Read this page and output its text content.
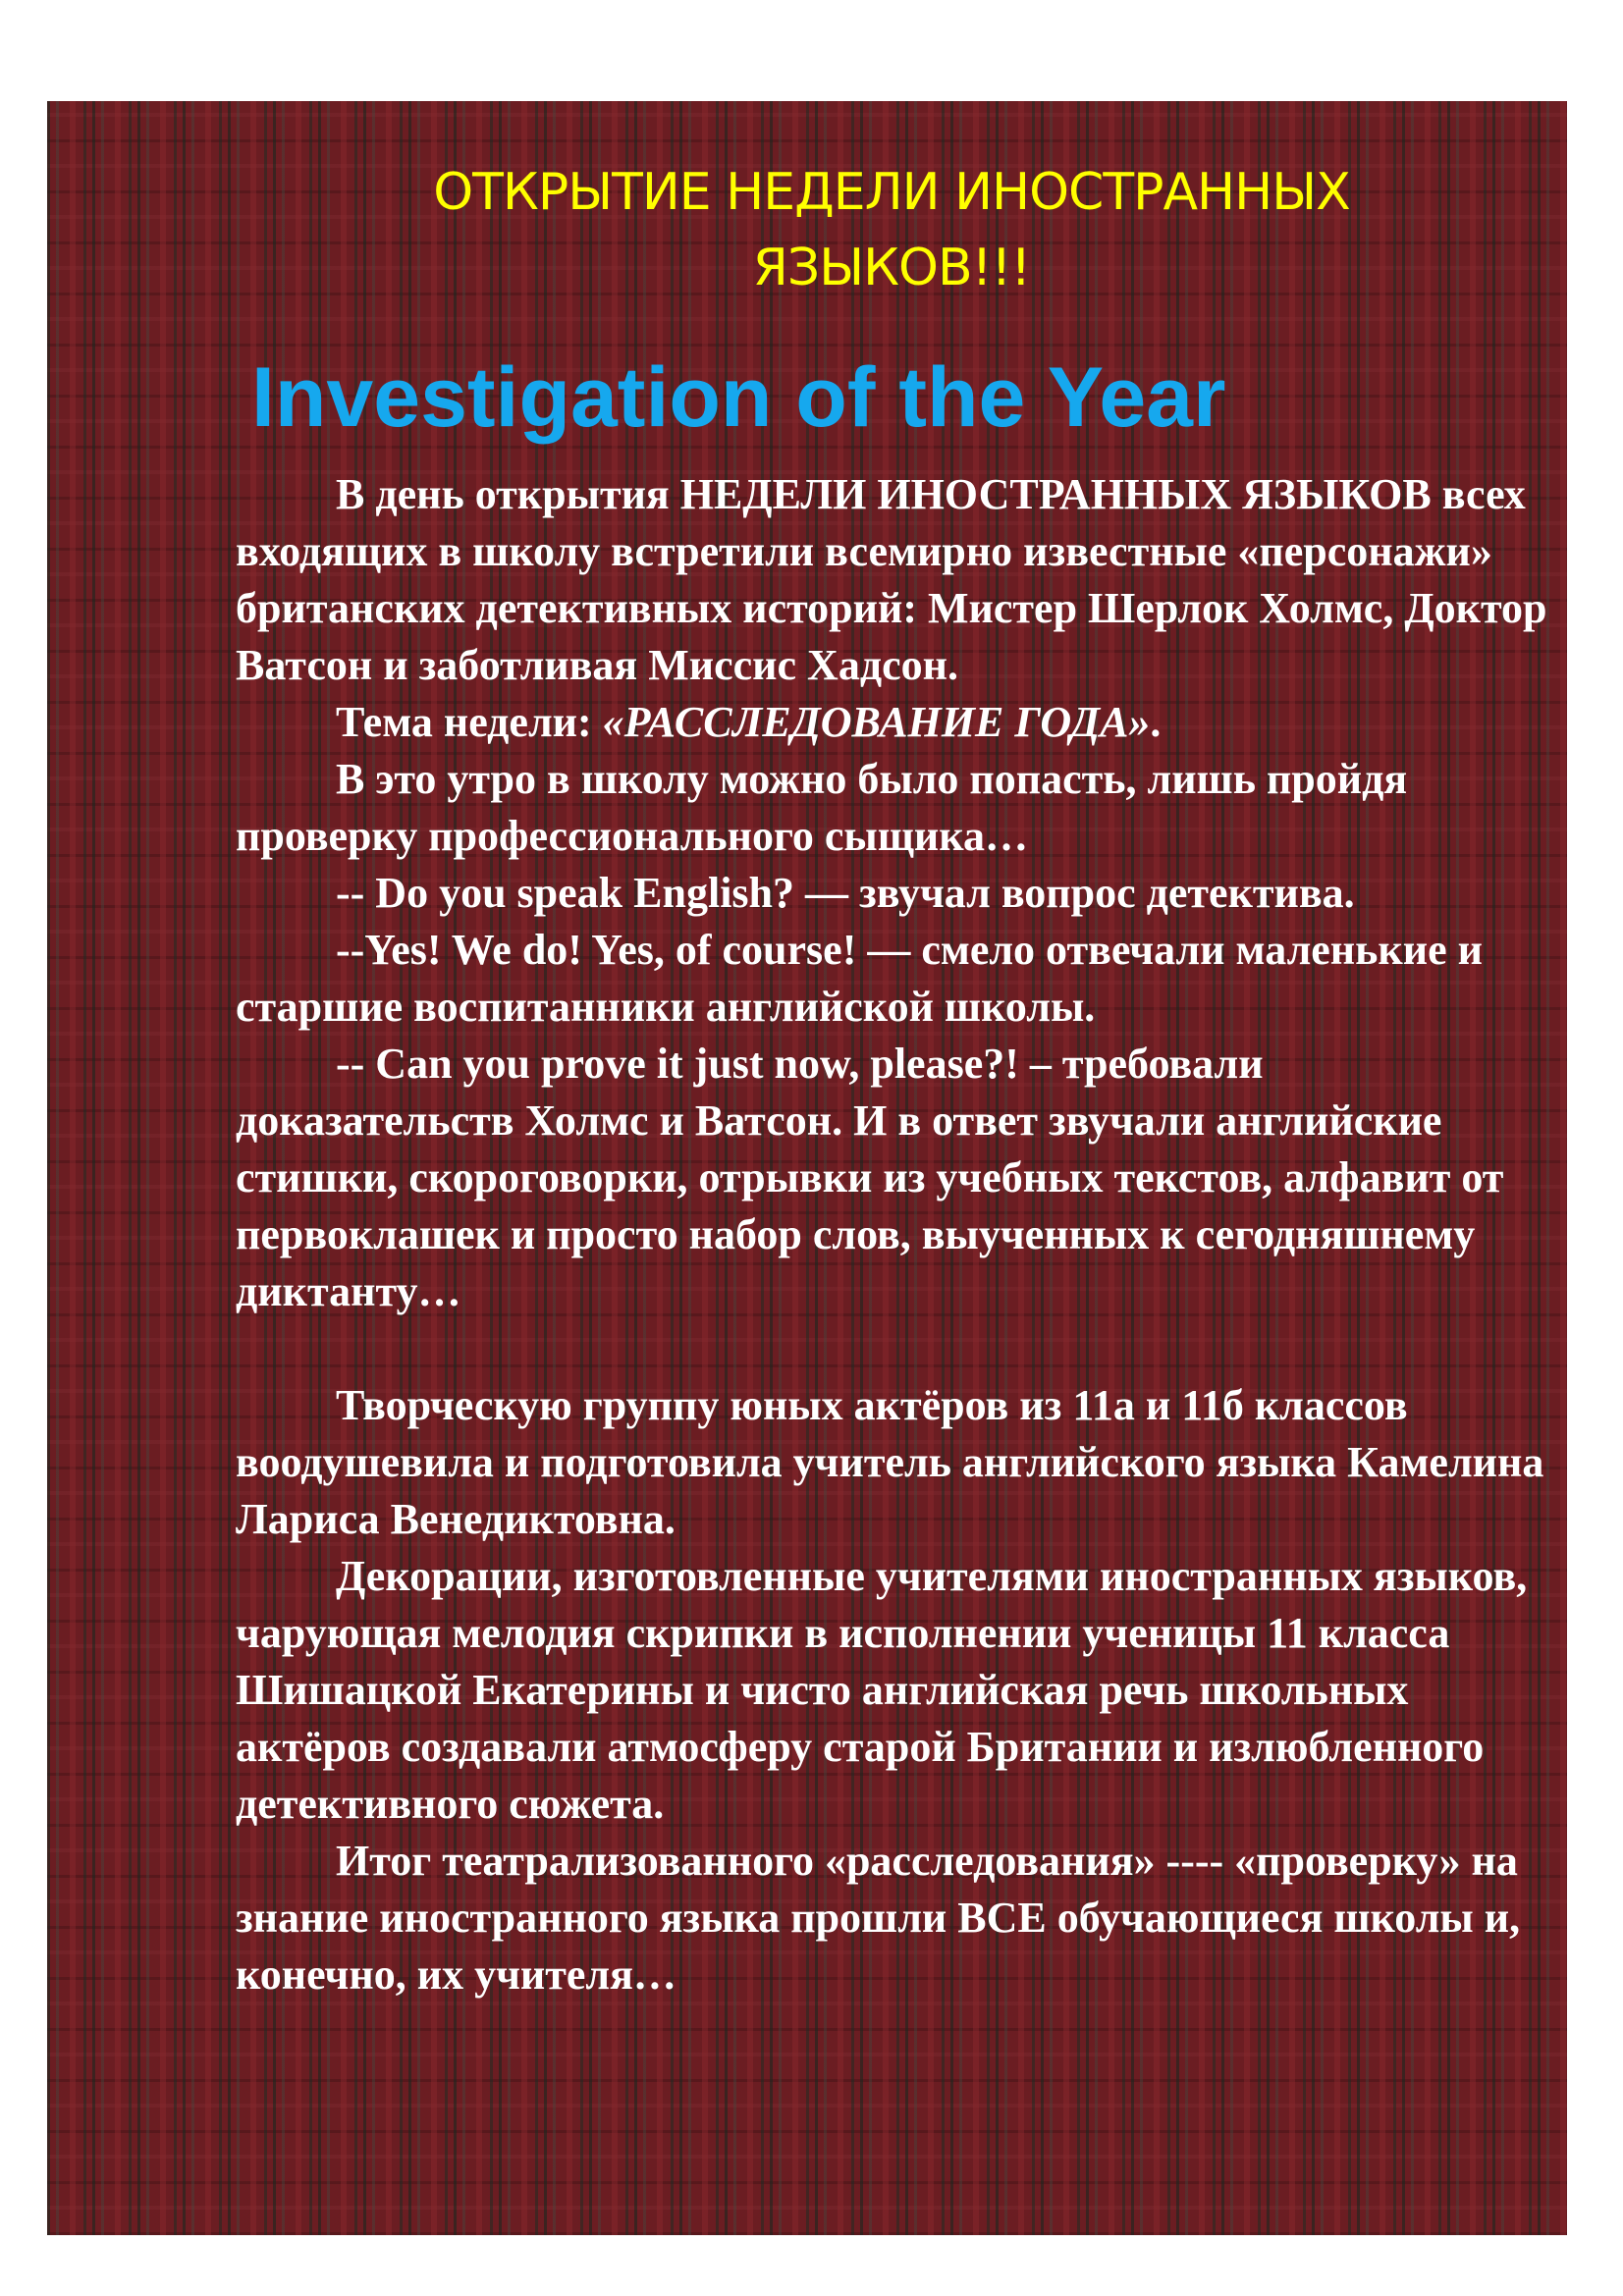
ОТКРЫТИЕ НЕДЕЛИ ИНОСТРАННЫХ ЯЗЫКОВ!!!
Investigation of the Year

В день открытия НЕДЕЛИ ИНОСТРАННЫХ ЯЗЫКОВ всех входящих в школу встретили всемирно известные «персонажи» британских детективных историй: Мистер Шерлок Холмс, Доктор Ватсон и заботливая Миссис Хадсон.

Тема недели: «РАССЛЕДОВАНИЕ ГОДА».

В это утро в школу можно было попасть, лишь пройдя проверку профессионального сыщика…

-- Do you speak English? — звучал вопрос детектива.

--Yes! We do! Yes, of course! — смело отвечали маленькие и старшие воспитанники английской школы.

-- Can you prove it just now, please?! – требовали доказательств Холмс и Ватсон. И в ответ звучали английские стишки, скороговорки, отрывки из учебных текстов, алфавит от первоклашек и просто набор слов, выученных к сегодняшнему диктанту…

Творческую группу юных актёров из 11а и 11б классов воодушевила и подготовила учитель английского языка Камелина Лариса Венедиктовна.

Декорации, изготовленные учителями иностранных языков, чарующая мелодия скрипки в исполнении ученицы 11 класса Шишацкой Екатерины и чисто английская речь школьных актёров создавали атмосферу старой Британии и излюбленного детективного сюжета.

Итог театрализованного «расследования» ---- «проверку» на знание иностранного языка прошли ВСЕ обучающиеся школы и, конечно, их учителя…
